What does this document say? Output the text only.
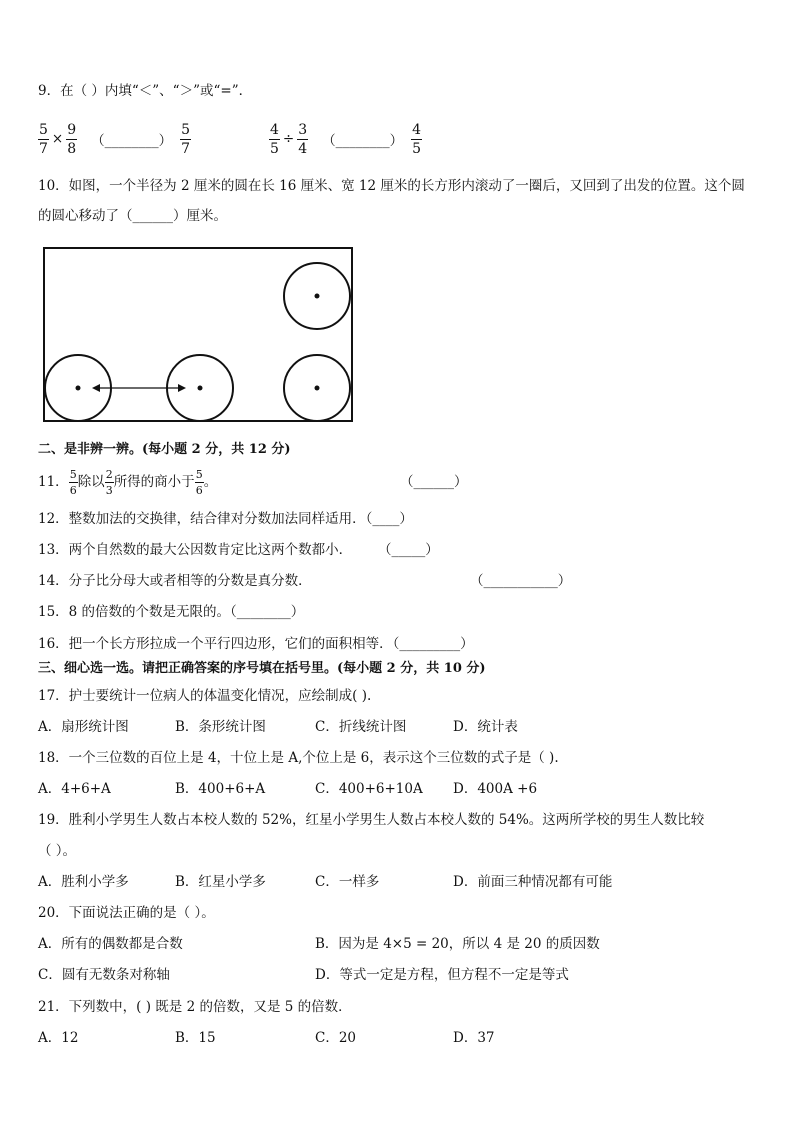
9．在（ ）内填“＜”、“＞”或“=”．
$\frac{5}{7} \times \frac{9}{8}$ （________） $\frac{5}{7}$	$\frac{4}{5} \div \frac{3}{4}$ （________） $\frac{4}{5}$
10．如图，一个半径为 2 厘米的圆在长 16 厘米、宽 12 厘米的长方形内滚动了一圈后，又回到了出发的位置。这个圆
的圆心移动了（______）厘米。
二、是非辨一辨。(每小题 2 分，共 12 分)
11． $\frac{5}{6}$ 除以 $\frac{2}{3}$ 所得的商小于 $\frac{5}{6}$ 。	（______）
12．整数加法的交换律，结合律对分数加法同样适用．（____）
13．两个自然数的最大公因数肯定比这两个数都小． （_____）
14．分子比分母大或者相等的分数是真分数．	（___________）
15．8 的倍数的个数是无限的。（________）
16．把一个长方形拉成一个平行四边形，它们的面积相等．（_________）
三、细心选一选。请把正确答案的序号填在括号里。(每小题 2 分，共 10 分)
17．护士要统计一位病人的体温变化情况，应绘制成( ).
A．扇形统计图	B．条形统计图	C．折线统计图	D．统计表
18．一个三位数的百位上是 4，十位上是 A,个位上是 6，表示这个三位数的式子是（ ).
A．4+6+A	B．400+6+A	C．400+6+10A D．400A +6
19．胜利小学男生人数占本校人数的 52%，红星小学男生人数占本校人数的 54%。这两所学校的男生人数比较
（ ）。
A．胜利小学多	B．红星小学多	C．一样多	D．前面三种情况都有可能
20．下面说法正确的是（ ）。
A．所有的偶数都是合数	B．因为是 4×5 = 20，所以 4 是 20 的质因数
C．圆有无数条对称轴	D．等式一定是方程，但方程不一定是等式
21．下列数中，( ) 既是 2 的倍数，又是 5 的倍数．
A．12	B．15	C．20	D．37
